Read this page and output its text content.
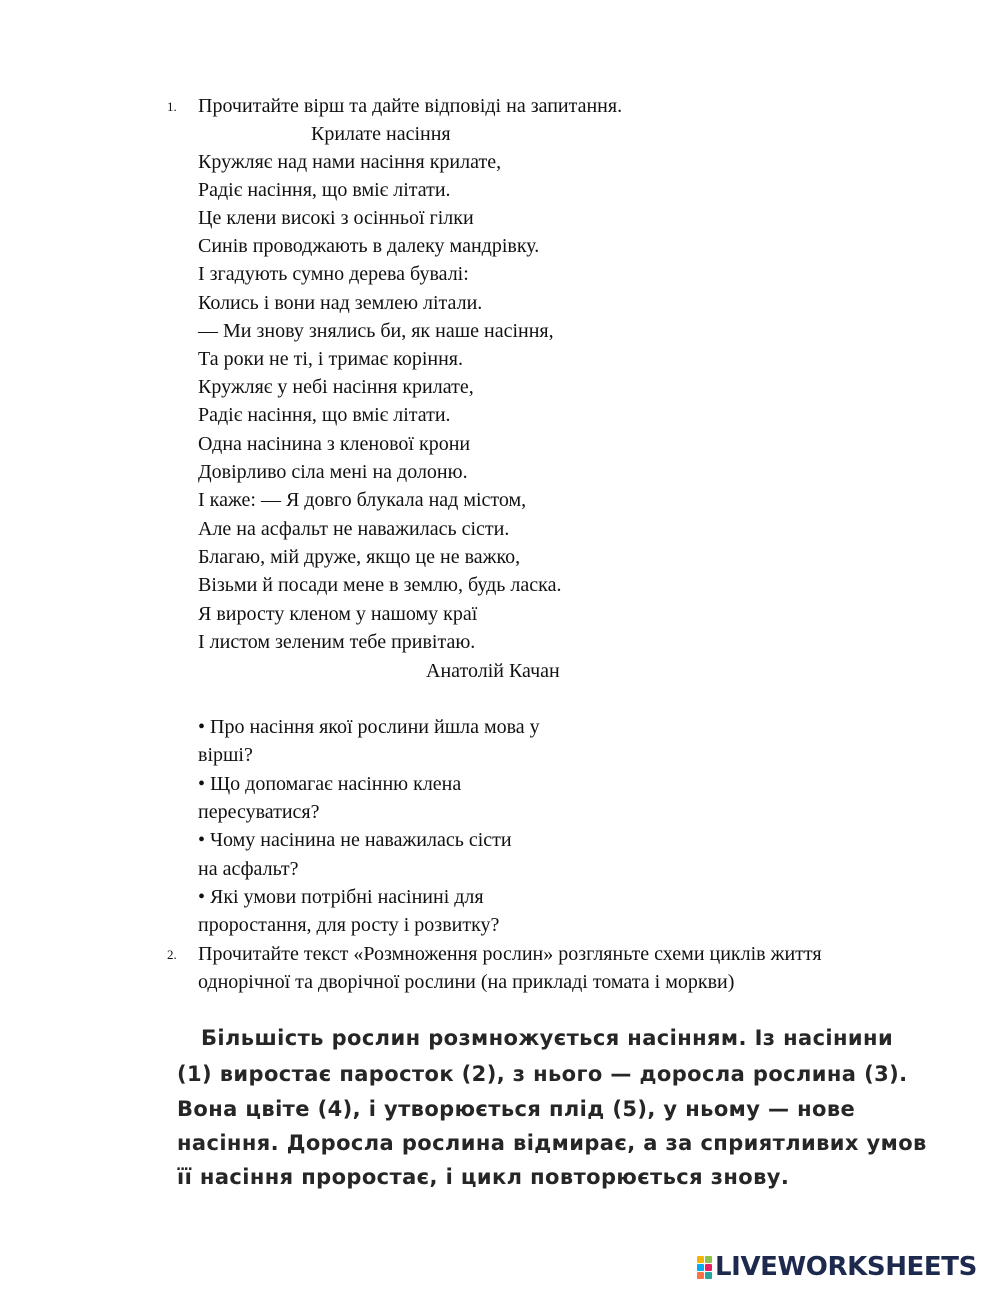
1. Прочитайте вірш та дайте відповіді на запитання.
Крилате насіння
Кружляє над нами насіння крилате,
Радіє насіння, що вміє літати.
Це клени високі з осінньої гілки
Синів проводжають в далеку мандрівку.
І згадують сумно дерева бувалі:
Колись і вони над землею літали.
— Ми знову знялись би, як наше насіння,
Та роки не ті, і тримає коріння.
Кружляє у небі насіння крилате,
Радіє насіння, що вміє літати.
Одна насінина з кленової крони
Довірливо сіла мені на долоню.
І каже: — Я довго блукала над містом,
Але на асфальт не наважилась сісти.
Благаю, мій друже, якщо це не важко,
Візьми й посади мене в землю, будь ласка.
Я виросту кленом у нашому краї
І листом зеленим тебе привітаю.
Анатолій Качан
• Про насіння якої рослини йшла мова у
вірші?
• Що допомагає насінню клена
пересуватися?
• Чому насінина не наважилась сісти
на асфальт?
• Які умови потрібні насінині для
проростання, для росту і розвитку?
2. Прочитайте текст «Розмноження рослин» розгляньте схеми циклів життя
однорічної та дворічної рослини (на прикладі томата і моркви)
Більшість рослин розмножується насінням. Із насінини
(1) виростає паросток (2), з нього — доросла рослина (3).
Вона цвіте (4), і утворюється плід (5), у ньому — нове
насіння. Доросла рослина відмирає, а за сприятливих умов
її насіння проростає, і цикл повторюється знову.
LIVEWORKSHEETS
